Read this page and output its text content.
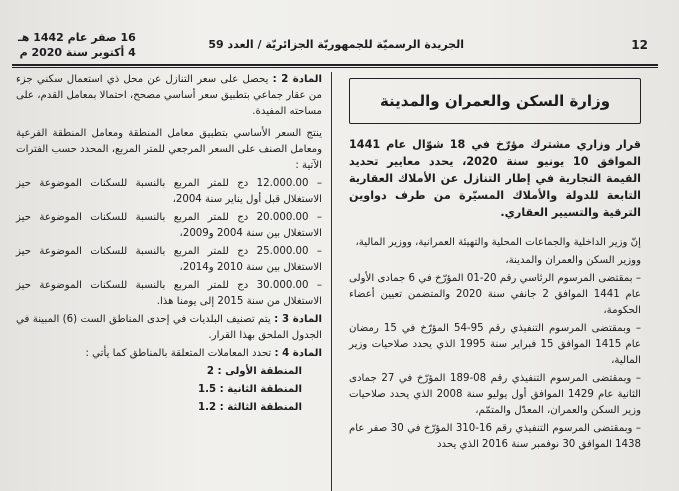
12
الجريدة الرسميّة للجمهوريّة الجزائريّة / العدد 59
16 صفر عام 1442 هـ
4 أكتوبر سنة 2020 م
وزارة السكن والعمران والمدينة
قرار وزاري مشترك مؤرّخ في 18 شوّال عام 1441 الموافق 10 يونيو سنة 2020، يحدد معايير تحديد القيمة التجارية في إطار التنازل عن الأملاك العقارية التابعة للدولة والأملاك المسيّرة من طرف دواوين الترقية والتسيير العقاري.
إنّ وزير الداخلية والجماعات المحلية والتهيئة العمرانية، ووزير المالية،
ووزير السكن والعمران والمدينة،
– بمقتضى المرسوم الرئاسي رقم 20-01 المؤرّخ في 6 جمادى الأولى عام 1441 الموافق 2 جانفي سنة 2020 والمتضمن تعيين أعضاء الحكومة،
– وبمقتضى المرسوم التنفيذي رقم 95-54 المؤرّخ في 15 رمضان عام 1415 الموافق 15 فبراير سنة 1995 الذي يحدد صلاحيات وزير المالية،
– وبمقتضى المرسوم التنفيذي رقم 08-189 المؤرّخ في 27 جمادى الثانية عام 1429 الموافق أول يوليو سنة 2008 الذي يحدد صلاحيات وزير السكن والعمران، المعدّل والمتمّم،
– وبمقتضى المرسوم التنفيذي رقم 16-310 المؤرّخ في 30 صفر عام 1438 الموافق 30 نوفمبر سنة 2016 الذي يحدد
المادة 2 : يحصل على سعر التنازل عن محل ذي استعمال سكني جزء من عقار جماعي بتطبيق سعر أساسي مصحح، احتمالا بمعامل القدم، على مساحته المفيدة.
ينتج السعر الأساسي بتطبيق معامل المنطقة ومعامل المنطقة الفرعية ومعامل الصنف على السعر المرجعي للمتر المربع، المحدد حسب الفترات الآتية :
– 12.000.00 دج للمتر المربع بالنسبة للسكنات الموضوعة حيز الاستغلال قبل أول يناير سنة 2004،
– 20.000.00 دج للمتر المربع بالنسبة للسكنات الموضوعة حيز الاستغلال بين سنة 2004 و2009،
– 25.000.00 دج للمتر المربع بالنسبة للسكنات الموضوعة حيز الاستغلال بين سنة 2010 و2014،
– 30.000.00 دج للمتر المربع بالنسبة للسكنات الموضوعة حيز الاستغلال من سنة 2015 إلى يومنا هذا.
المادة 3 : يتم تصنيف البلديات في إحدى المناطق الست (6) المبينة في الجدول الملحق بهذا القرار.
المادة 4 : تحدد المعاملات المتعلقة بالمناطق كما يأتي :
المنطقة الأولى : 2
المنطقة الثانية : 1.5
المنطقة الثالثة : 1.2
